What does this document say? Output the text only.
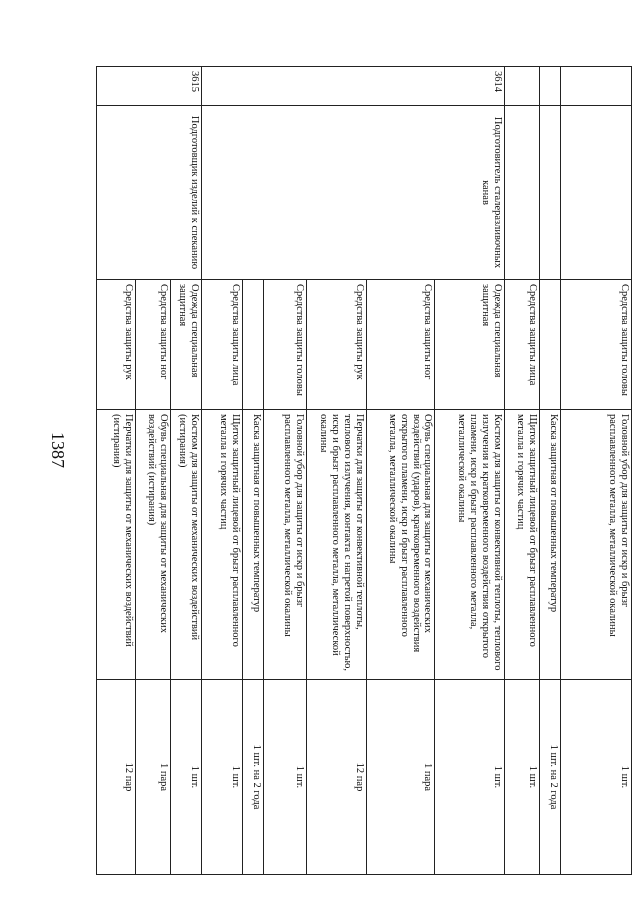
1387
		Средства защиты головы	Головной убор для защиты от искр и брызг расплавленного металла, металлической окалины	1 шт.
			Каска защитная от повышенных температур	1 шт. на 2 года
		Средства защиты лица	Щиток защитный лицевой от брызг расплавленного металла и горячих частиц	1 шт.
3614	Подготовитель сталеразливочных канав	Одежда специальная защитная	Костюм для защиты от конвективной теплоты, теплового излучения и кратковременного воздействия открытого пламени, искр и брызг расплавленного металла, металлической окалины	1 шт.
		Средства защиты ног	Обувь специальная для защиты от механических воздействий (ударов), кратковременного воздействия открытого пламени, искр и брызг расплавленного металла, металлической окалины	1 пара
		Средства защиты рук	Перчатки для защиты от конвективной теплоты, теплового излучения, контакта с нагретой поверхностью, искр и брызг расплавленного металла, металлической окалины	12 пар
		Средства защиты головы	Головной убор для защиты от искр и брызг расплавленного металла, металлической окалины	1 шт.
			Каска защитная от повышенных температур	1 шт. на 2 года
		Средства защиты лица	Щиток защитный лицевой от брызг расплавленного металла и горячих частиц	1 шт.
3615	Подготовщик изделий к спеканию	Одежда специальная защитная	Костюм для защиты от механических воздействий (истирания)	1 шт.
		Средства защиты ног	Обувь специальная для защиты от механических воздействий (истирания)	1 пара
		Средства защиты рук	Перчатки для защиты от механических воздействий (истирания)	12 пар
